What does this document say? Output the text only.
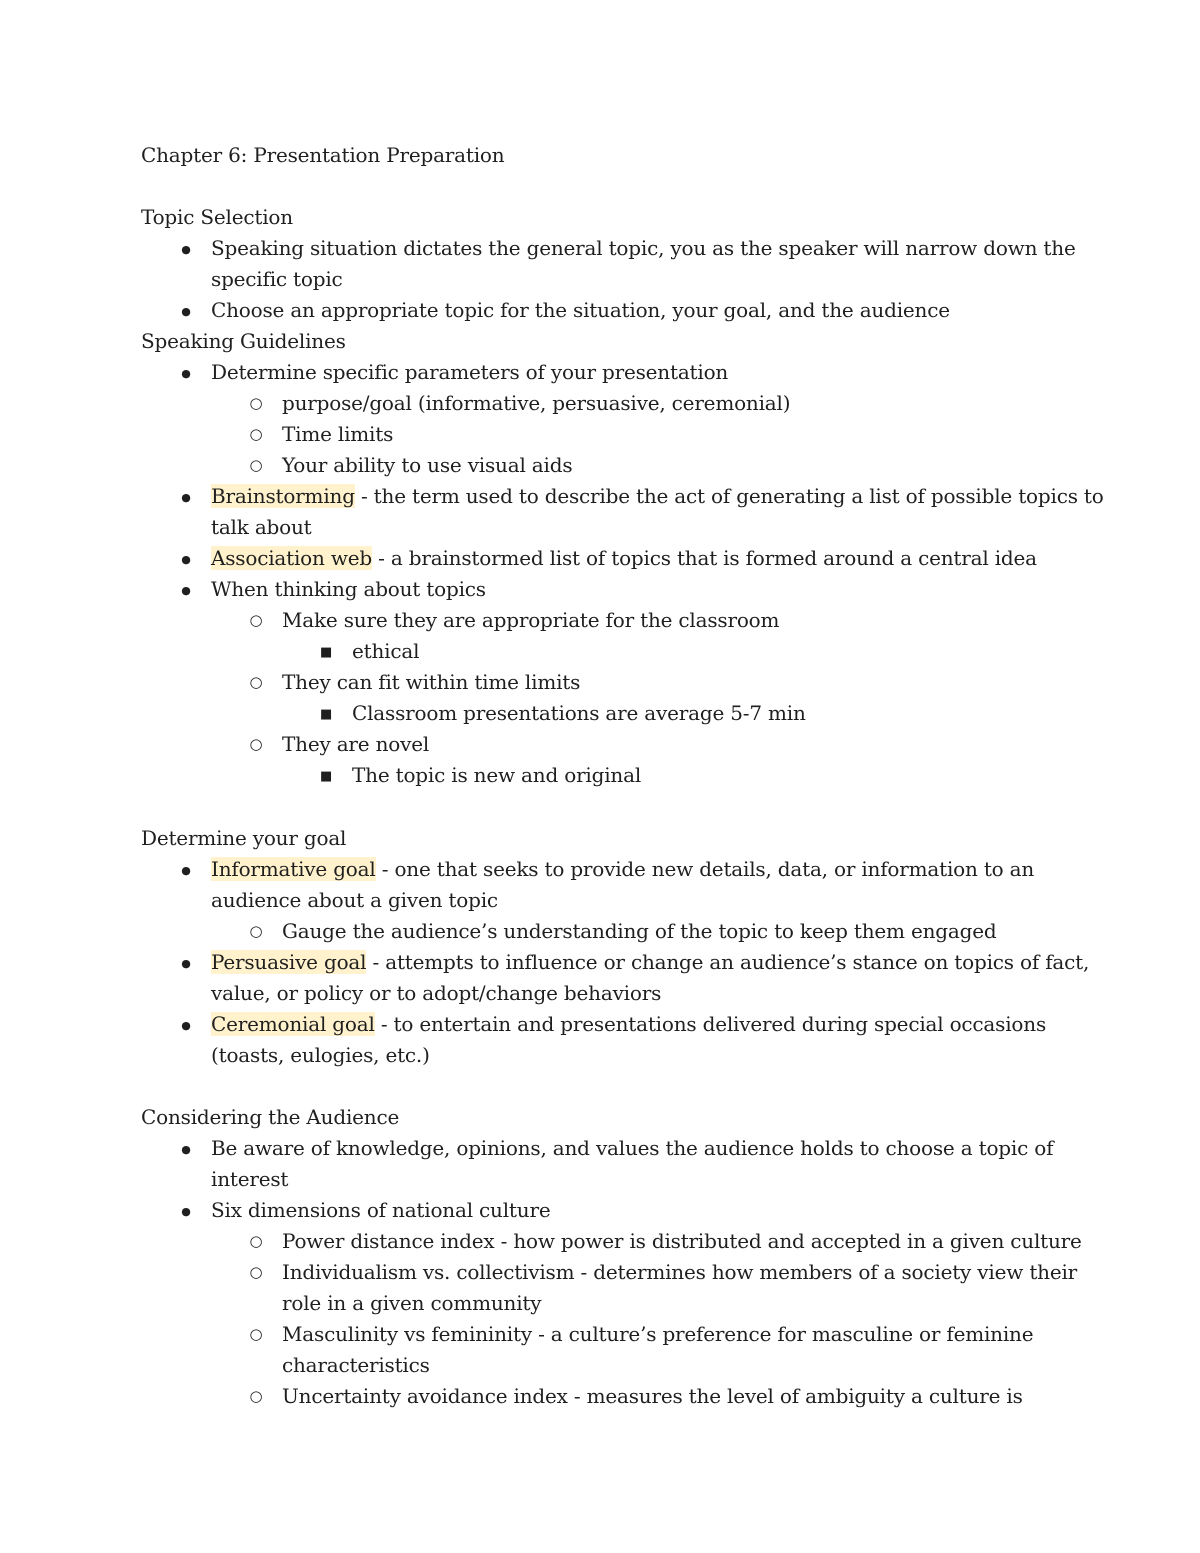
Chapter 6: Presentation Preparation
Topic Selection
●
Speaking situation dictates the general topic, you as the speaker will narrow down the
specific topic
●
Choose an appropriate topic for the situation, your goal, and the audience
Speaking Guidelines
●
Determine specific parameters of your presentation
○
purpose/goal (informative, persuasive, ceremonial)
○
Time limits
○
Your ability to use visual aids
●
Brainstorming - the term used to describe the act of generating a list of possible topics to
talk about
●
Association web - a brainstormed list of topics that is formed around a central idea
●
When thinking about topics
○
Make sure they are appropriate for the classroom
■
ethical
○
They can fit within time limits
■
Classroom presentations are average 5-7 min
○
They are novel
■
The topic is new and original
Determine your goal
●
Informative goal - one that seeks to provide new details, data, or information to an
audience about a given topic
○
Gauge the audience’s understanding of the topic to keep them engaged
●
Persuasive goal - attempts to influence or change an audience’s stance on topics of fact,
value, or policy or to adopt/change behaviors
●
Ceremonial goal - to entertain and presentations delivered during special occasions
(toasts, eulogies, etc.)
Considering the Audience
●
Be aware of knowledge, opinions, and values the audience holds to choose a topic of
interest
●
Six dimensions of national culture
○
Power distance index - how power is distributed and accepted in a given culture
○
Individualism vs. collectivism - determines how members of a society view their
role in a given community
○
Masculinity vs femininity - a culture’s preference for masculine or feminine
characteristics
○
Uncertainty avoidance index - measures the level of ambiguity a culture is
